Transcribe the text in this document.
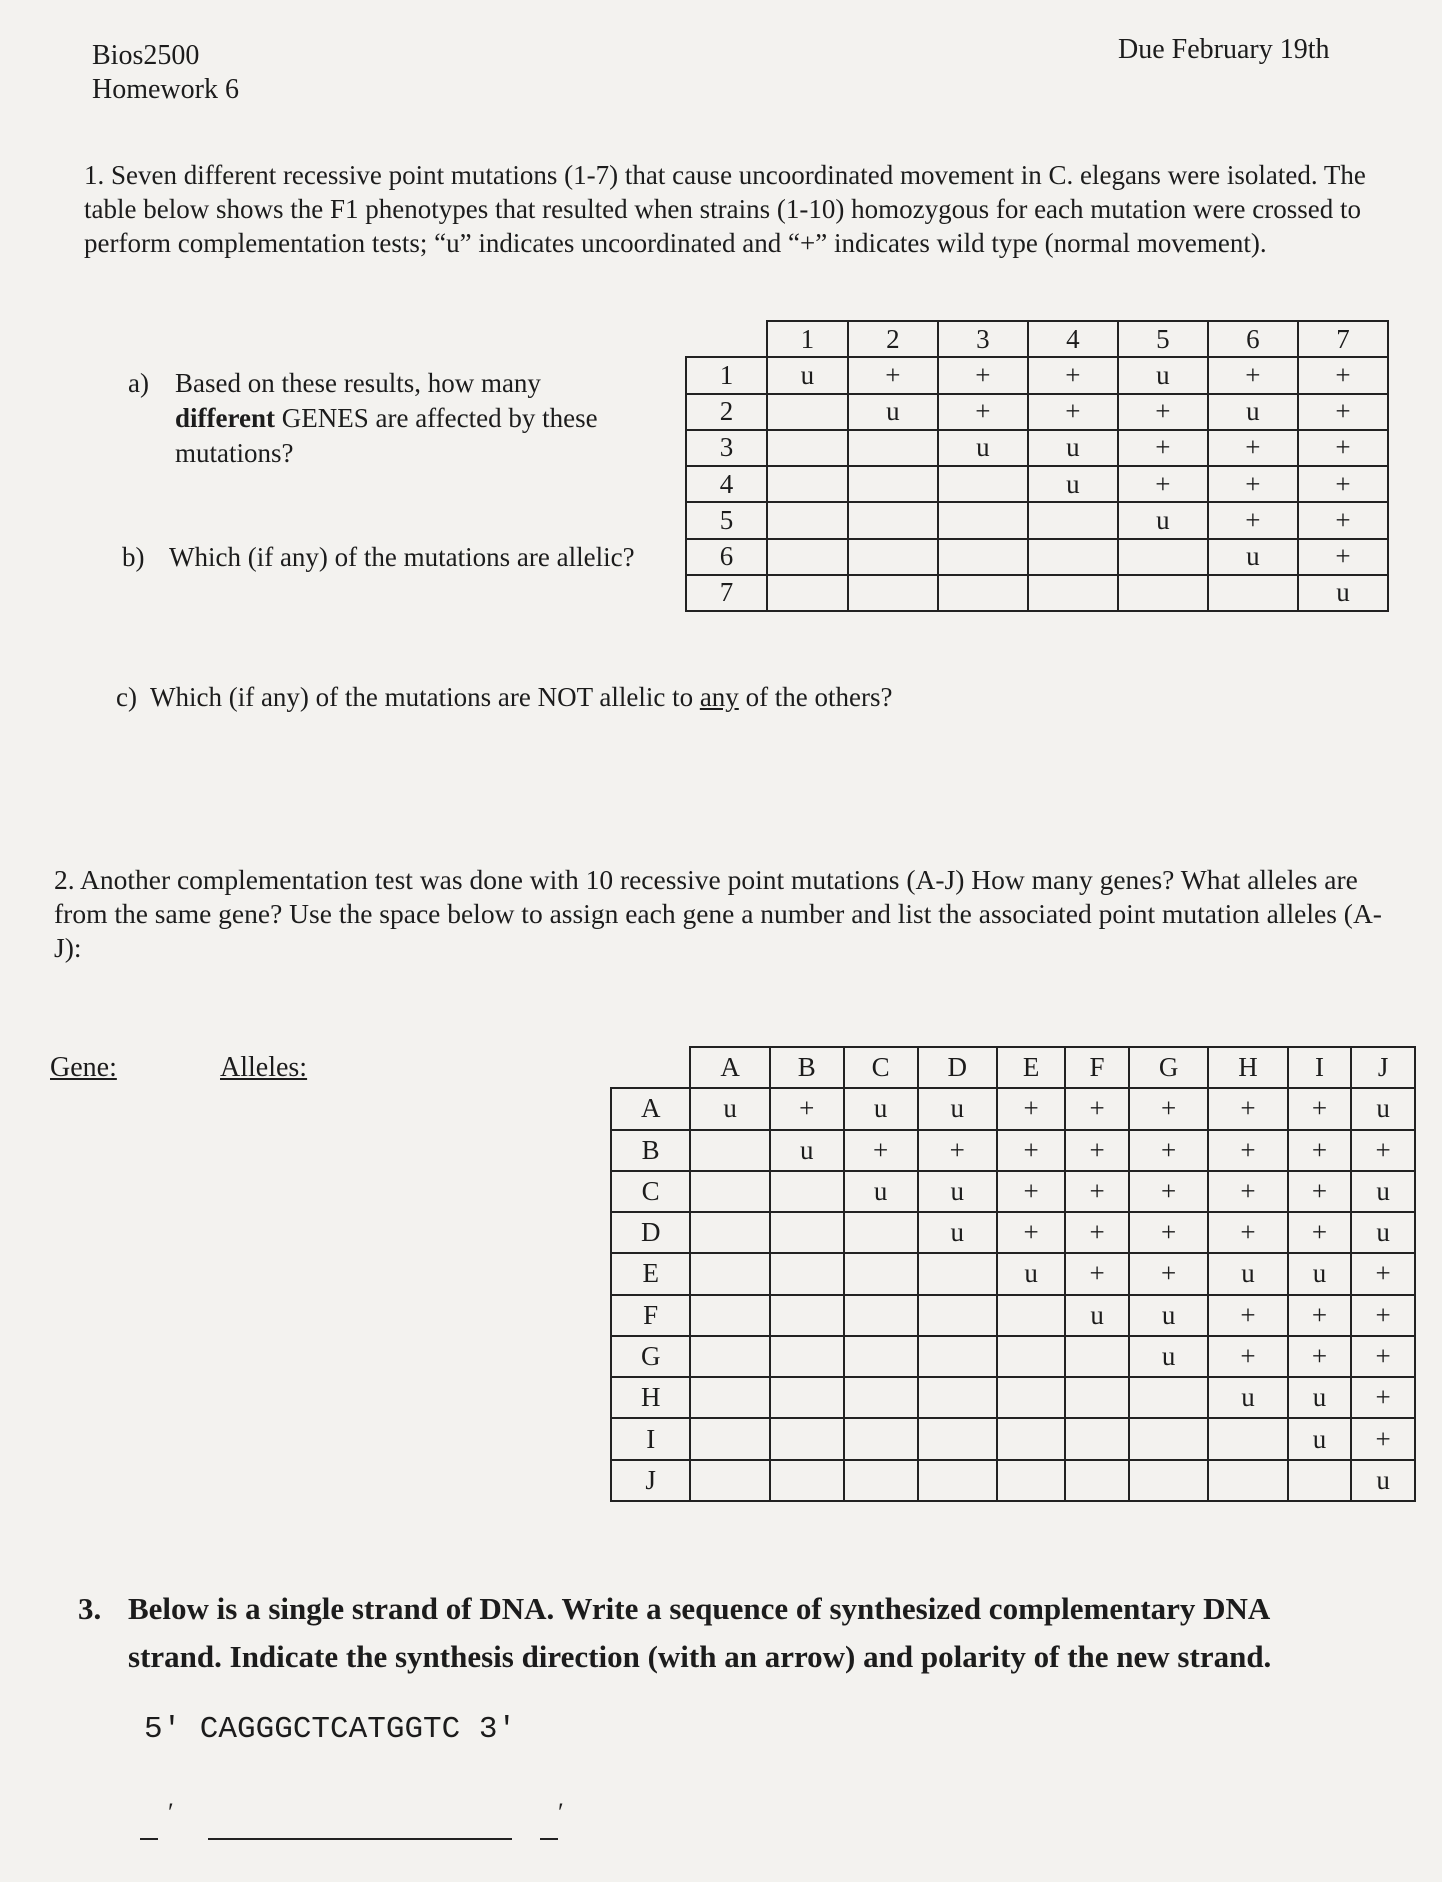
Bios2500
Homework 6
Due February 19th
1. Seven different recessive point mutations (1-7) that cause uncoordinated movement in C. elegans were isolated. The table below shows the F1 phenotypes that resulted when strains (1-10) homozygous for each mutation were crossed to perform complementation tests; “u” indicates uncoordinated and “+” indicates wild type (normal movement).
a) Based on these results, how many different GENES are affected by these mutations?
b) Which (if any) of the mutations are allelic?
c) Which (if any) of the mutations are NOT allelic to any of the others?
	1	2	3	4	5	6	7
1	u	+	+	+	u	+	+
2		u	+	+	+	u	+
3			u	u	+	+	+
4				u	+	+	+
5					u	+	+
6						u	+
7							u
2. Another complementation test was done with 10 recessive point mutations (A-J) How many genes? What alleles are from the same gene? Use the space below to assign each gene a number and list the associated point mutation alleles (A-J):
Gene:	Alleles:
		A	B	C	D	E	F	G	H	I	J
A	u	+	u	u	+	+	+	+	+	u
B		u	+	+	+	+	+	+	+	+
C			u	u	+	+	+	+	+	u
D				u	+	+	+	+	+	u
E					u	+	+	u	u	+
F						u	u	+	+	+
G							u	+	+	+
H								u	u	+
I									u	+
J										u
3. Below is a single strand of DNA. Write a sequence of synthesized complementary DNA
strand. Indicate the synthesis direction (with an arrow) and polarity of the new strand.
5′ CAGGGCTCATGGTC 3′
′	′
